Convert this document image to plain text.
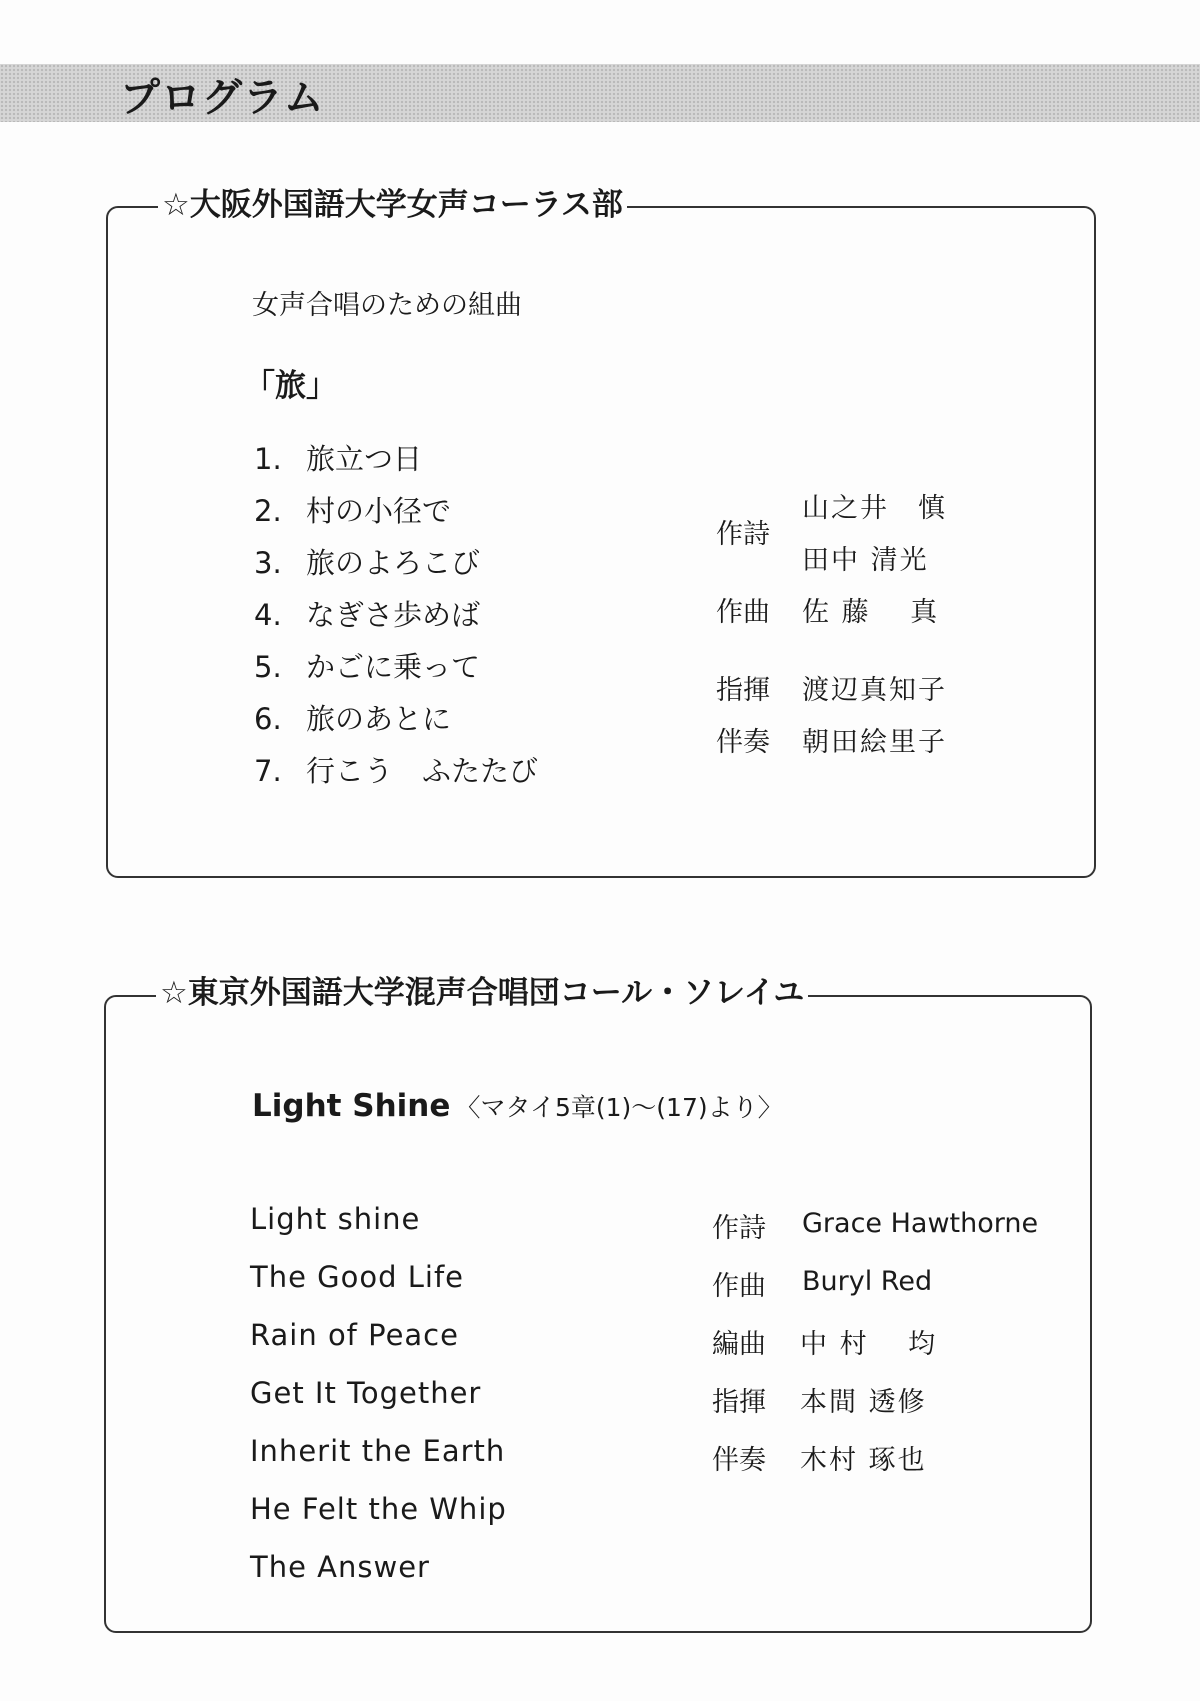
プログラム
☆大阪外国語大学女声コーラス部
女声合唱のための組曲
「旅」
1. 旅立つ日
2. 村の小径で
3. 旅のよろこび
4. なぎさ歩めば
5. かごに乗って
6. 旅のあとに
7. 行こう　ふたたび
作詩
山之井　慎
田中 清光
作曲 佐 藤　 真
指揮 渡辺真知子
伴奏 朝田絵里子
☆東京外国語大学混声合唱団コール・ソレイユ
Light Shine 〈マタイ5章(1)〜(17)より〉
Light shine
The Good Life
Rain of Peace
Get It Together
Inherit the Earth
He Felt the Whip
The Answer
作詩 Grace Hawthorne
作曲 Buryl Red
編曲 中 村　 均
指揮 本間 透修
伴奏 木村 琢也
